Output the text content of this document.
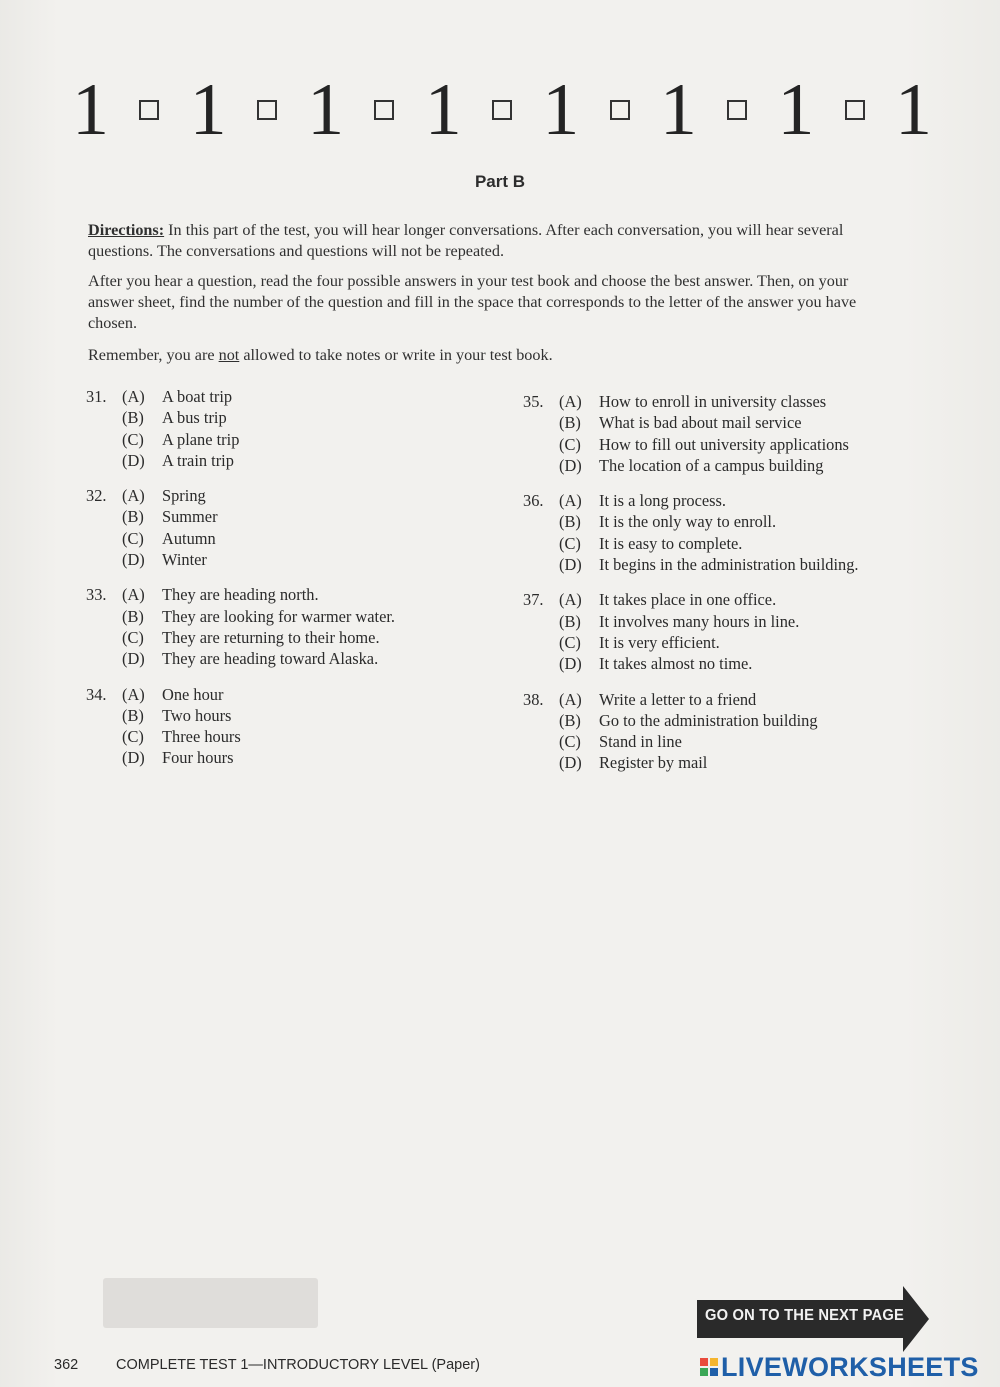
1 1 1 1 1 1 1 1
Part B
Directions: In this part of the test, you will hear longer conversations. After each conversation, you will hear several questions. The conversations and questions will not be repeated.
After you hear a question, read the four possible answers in your test book and choose the best answer. Then, on your answer sheet, find the number of the question and fill in the space that corresponds to the letter of the answer you have chosen.
Remember, you are not allowed to take notes or write in your test book.
31. (A)	A boat trip
(B)	A bus trip
(C)	A plane trip
(D)	A train trip
32. (A)	Spring
(B)	Summer
(C)	Autumn
(D)	Winter
33. (A)	They are heading north.
(B)	They are looking for warmer water.
(C)	They are returning to their home.
(D)	They are heading toward Alaska.
34. (A)	One hour
(B)	Two hours
(C)	Three hours
(D)	Four hours
35. (A)	How to enroll in university classes
(B)	What is bad about mail service
(C)	How to fill out university applications
(D)	The location of a campus building
36. (A)	It is a long process.
(B)	It is the only way to enroll.
(C)	It is easy to complete.
(D)	It begins in the administration building.
37. (A)	It takes place in one office.
(B)	It involves many hours in line.
(C)	It is very efficient.
(D)	It takes almost no time.
38. (A)	Write a letter to a friend
(B)	Go to the administration building
(C)	Stand in line
(D)	Register by mail
GO ON TO THE NEXT PAGE
362	COMPLETE TEST 1—INTRODUCTORY LEVEL (Paper)	LIVEWORKSHEETS
